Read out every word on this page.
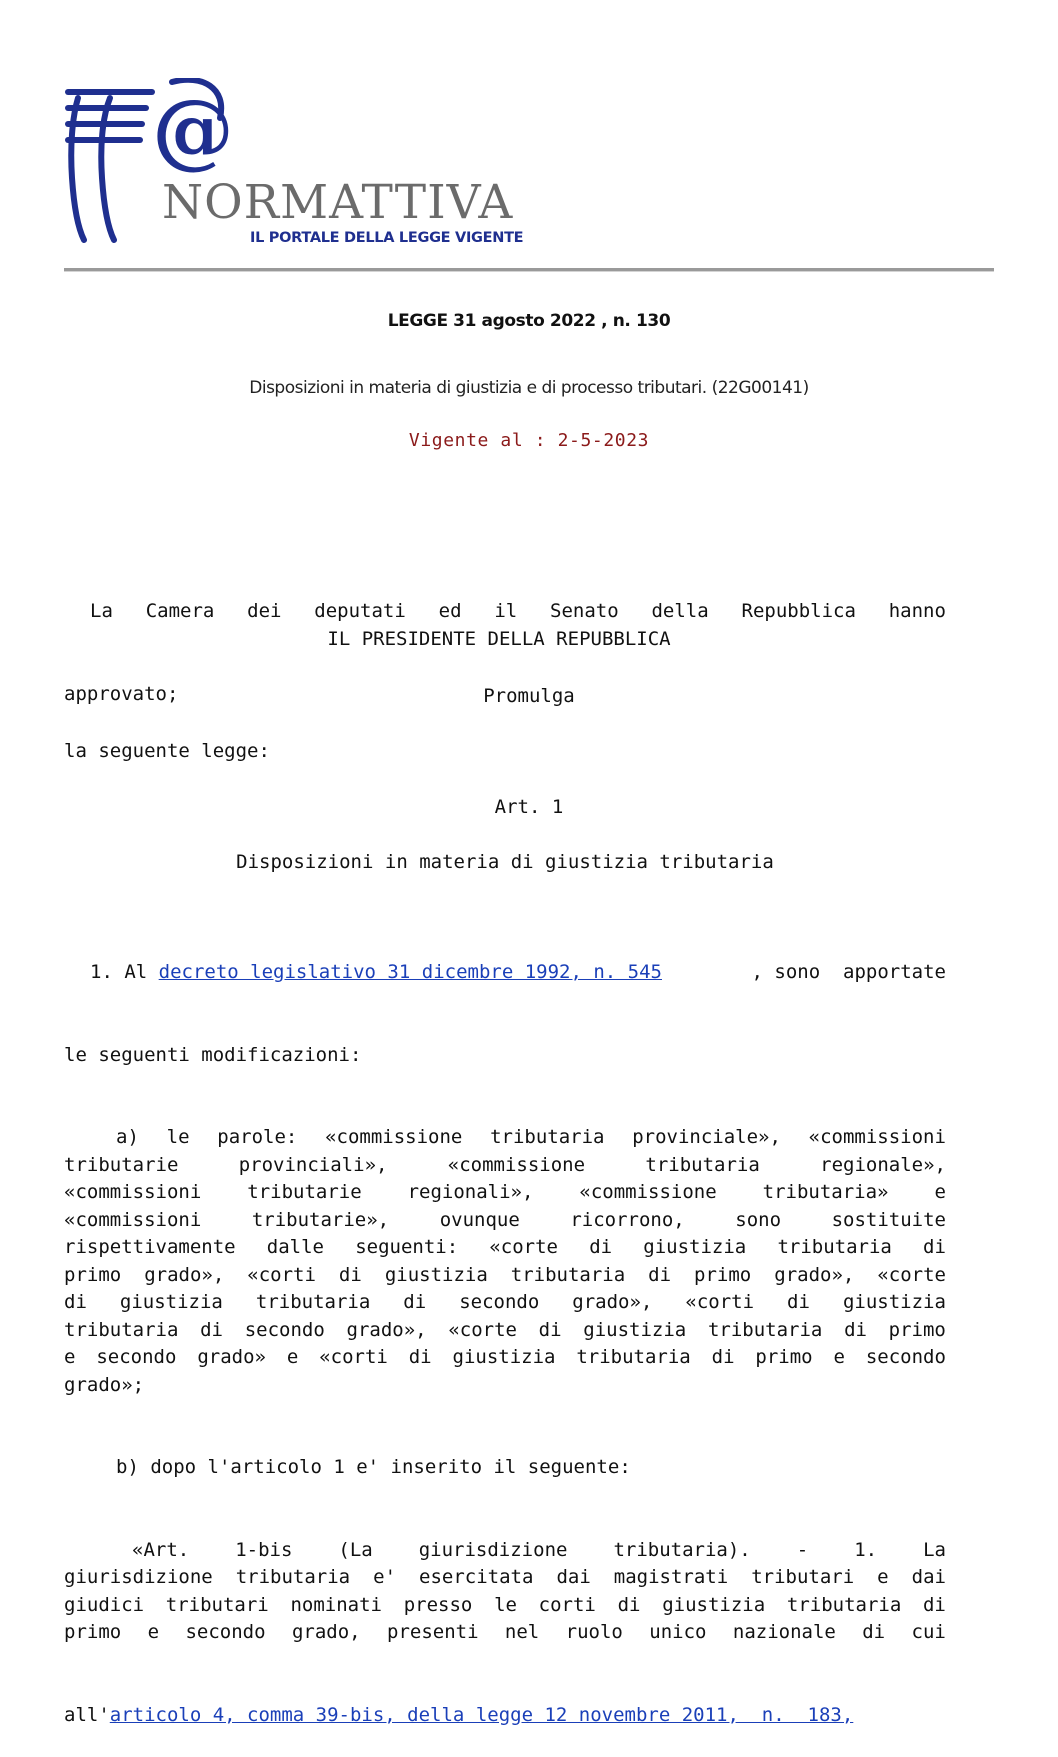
@
NORMATTIVA
IL PORTALE DELLA LEGGE VIGENTE
LEGGE 31 agosto 2022 , n. 130
Disposizioni in materia di giustizia e di processo tributari. (22G00141)
Vigente al : 2-5-2023

La Camera dei deputati ed il Senato della Repubblica hanno

approvato;

IL PRESIDENTE DELLA REPUBBLICA
Promulga
la seguente legge:
Art. 1
Disposizioni in materia di giustizia tributaria

1. Al decreto legislativo 31 dicembre 1992, n. 545	, sono  apportate

le seguenti modificazioni:

a) le parole: «commissione tributaria provinciale», «commissioni
tributarie	provinciali»,	«commissione	tributaria	regionale»,
«commissioni tributarie regionali», «commissione tributaria» e
«commissioni	tributarie»,	ovunque	ricorrono,	sono	sostituite
rispettivamente dalle seguenti: «corte di giustizia tributaria di
primo grado», «corti di giustizia tributaria di primo grado», «corte
di giustizia tributaria di secondo grado», «corti di giustizia
tributaria di secondo grado», «corte di giustizia tributaria di primo
e secondo grado» e «corti di giustizia tributaria di primo e secondo
grado»;

b) dopo l'articolo 1 e' inserito il seguente:

«Art. 1-bis (La giurisdizione tributaria). - 1. La
giurisdizione tributaria e' esercitata dai magistrati tributari e dai
giudici tributari nominati presso le corti di giustizia tributaria di
primo e secondo grado, presenti nel ruolo unico nazionale di cui

all' articolo 4, comma 39-bis, della legge 12 novembre 2011,  n.  183,
